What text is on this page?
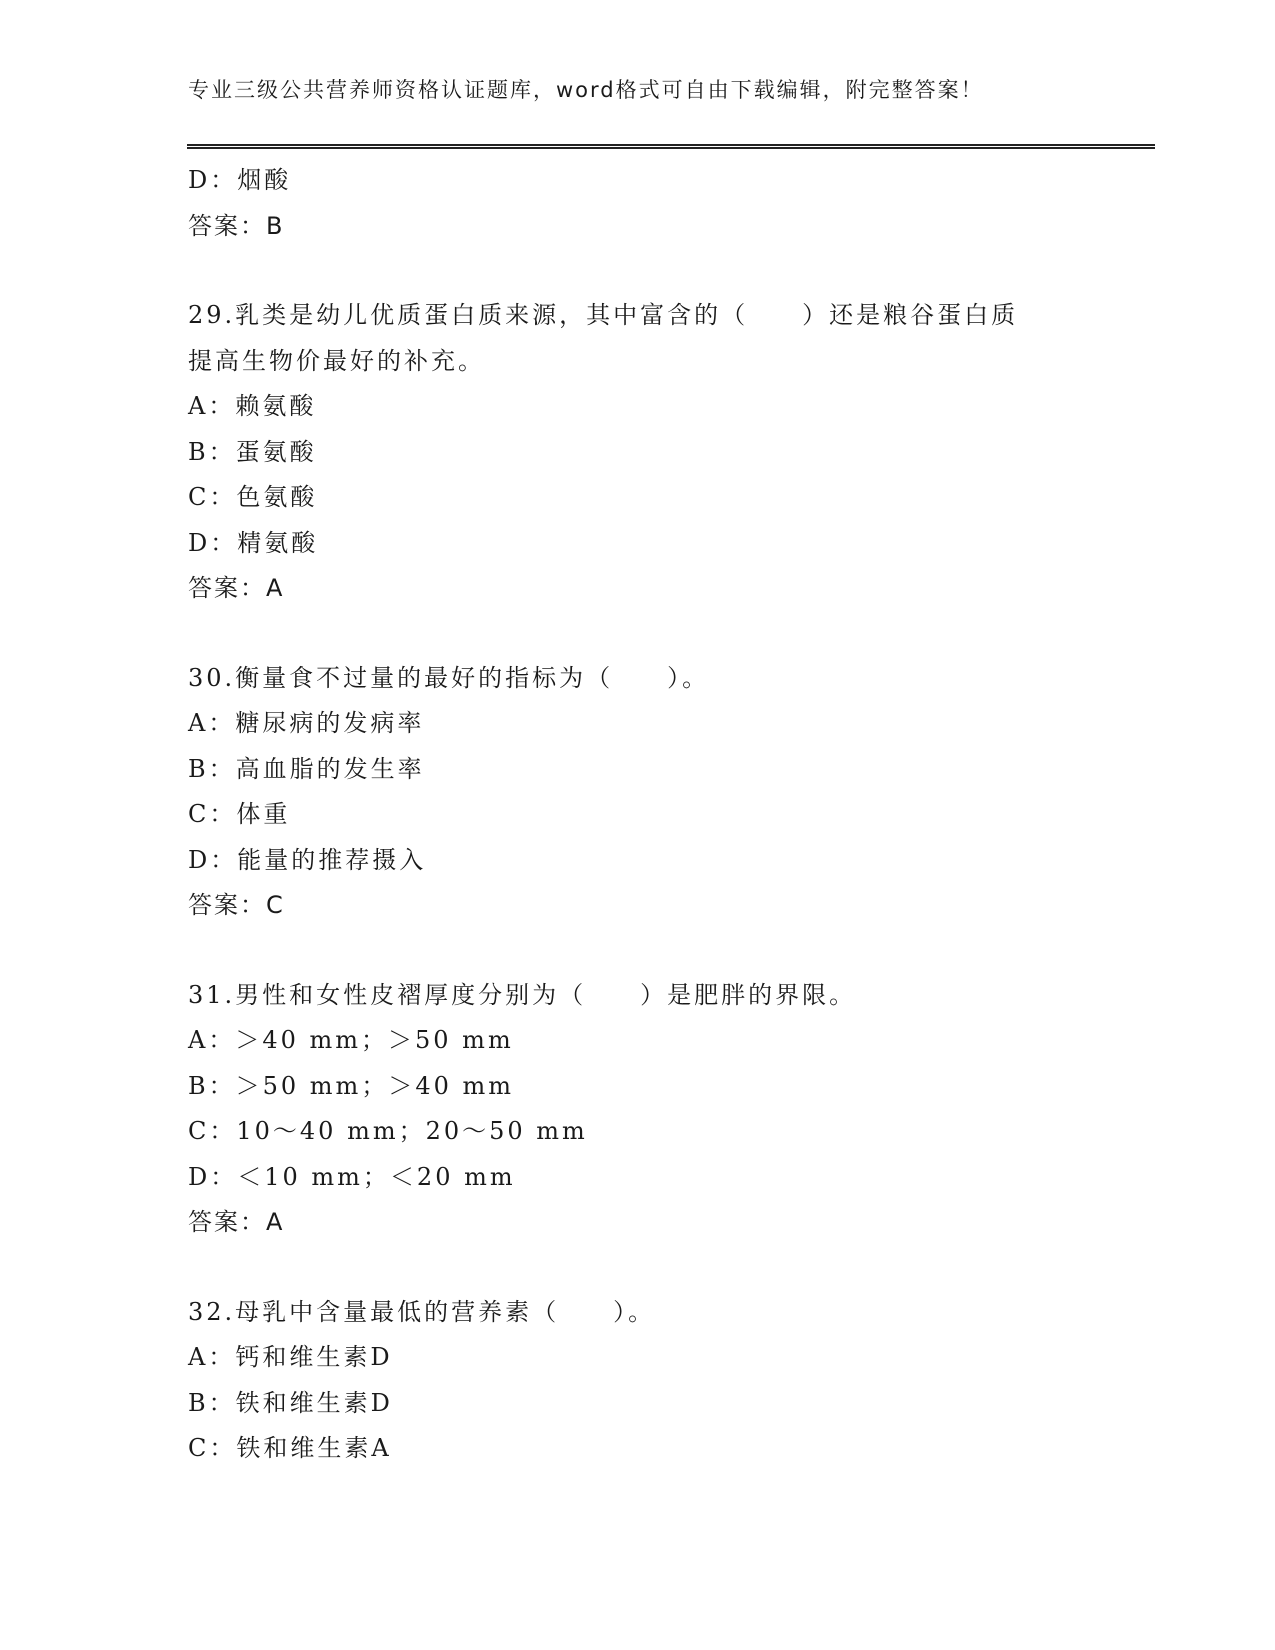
专业三级公共营养师资格认证题库，word格式可自由下载编辑，附完整答案！
D：烟酸
答案：B
29.乳类是幼儿优质蛋白质来源，其中富含的（　　）还是粮谷蛋白质
提高生物价最好的补充。
A：赖氨酸
B：蛋氨酸
C：色氨酸
D：精氨酸
答案：A
30.衡量食不过量的最好的指标为（　　）。
A：糖尿病的发病率
B：高血脂的发生率
C：体重
D：能量的推荐摄入
答案：C
31.男性和女性皮褶厚度分别为（　　）是肥胖的界限。
A：＞40 mm；＞50 mm
B：＞50 mm；＞40 mm
C：10～40 mm；20～50 mm
D：＜10 mm；＜20 mm
答案：A
32.母乳中含量最低的营养素（　　）。
A：钙和维生素D
B：铁和维生素D
C：铁和维生素A
